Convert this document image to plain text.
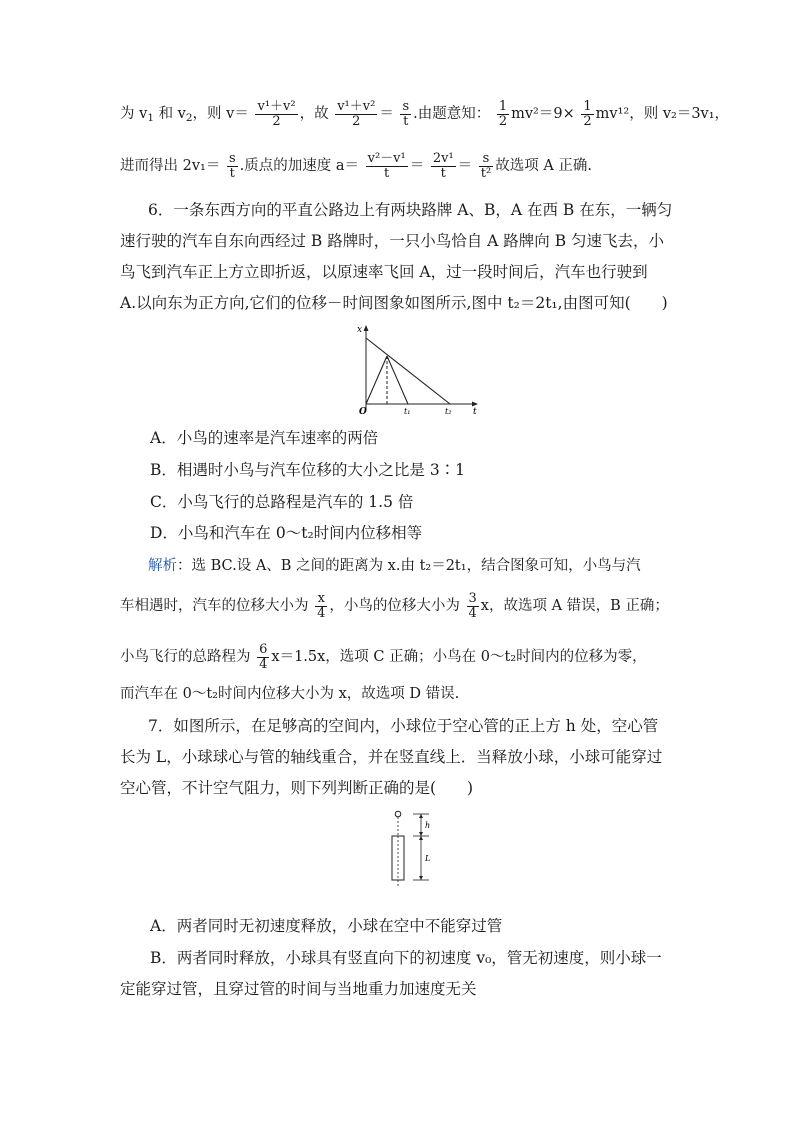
为 $v_1$ 和 $v_2$，则 $v= \frac{\text{v¹＋v²}}{2}$ ，故 $\frac{\text{v¹＋v²}}{2} = \frac{s}{t}$ .由题意知： $\frac{1}{2} mv^2=9\times \frac{1}{2} mv^{12}$，则 v₂＝3v₁，
进而得出 $2v_1= \frac{s}{t}$ .质点的加速度 $a= \frac{\text{v²－v¹}}{t} = \frac{\text{2v¹}}{t} = \frac{s}{\text{t²}}$ 故选项 A 正确.
6．一条东西方向的平直公路边上有两块路牌 A、B，A 在西 B 在东，一辆匀
速行驶的汽车自东向西经过 B 路牌时，一只小鸟恰自 A 路牌向 B 匀速飞去，小
鸟飞到汽车正上方立即折返，以原速率飞回 A，过一段时间后，汽车也行驶到
A.以向东为正方向,它们的位移－时间图象如图所示,图中 t₂＝2t₁,由图可知(　　)
x
t
O	t₁	t₂
A．小鸟的速率是汽车速率的两倍
B．相遇时小鸟与汽车位移的大小之比是 3∶1
C．小鸟飞行的总路程是汽车的 1.5 倍
D．小鸟和汽车在 0～t₂时间内位移相等
解析：选 BC.设 A、B 之间的距离为 x.由 t₂＝2t₁，结合图象可知，小鸟与汽
车相遇时，汽车的位移大小为 $\frac{x}{4}$ ，小鸟的位移大小为 $\frac{3}{4}$ x，故选项 A 错误，B 正确；
小鸟飞行的总路程为 $\frac{6}{4} x=1.5x$，选项 C 正确；小鸟在 0～t₂时间内的位移为零，
而汽车在 0～t₂时间内位移大小为 x，故选项 D 错误.
7．如图所示，在足够高的空间内，小球位于空心管的正上方 h 处，空心管
长为 L，小球球心与管的轴线重合，并在竖直线上．当释放小球，小球可能穿过
空心管，不计空气阻力，则下列判断正确的是(　　)
h
L
A．两者同时无初速度释放，小球在空中不能穿过管
B．两者同时释放，小球具有竖直向下的初速度 v₀，管无初速度，则小球一
定能穿过管，且穿过管的时间与当地重力加速度无关
